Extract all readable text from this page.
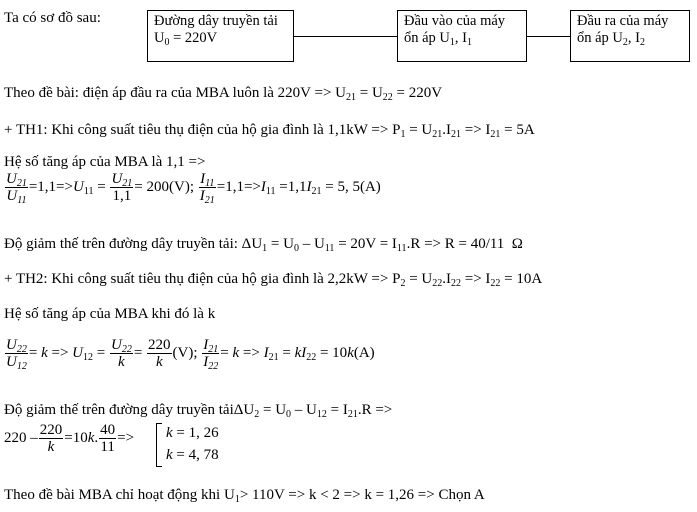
Ta có sơ đồ sau:	Đường dây truyền tải
$U_0 = 220V$
Đầu vào của máy
ổn áp $U_1$, $I_1$
Đầu ra của máy
ổn áp $U_2$, $I_2$
Theo đề bài: điện áp đầu ra của MBA luôn là $220V => U_{21} = U_{22} = 220V$
+ TH1: Khi công suất tiêu thụ điện của hộ gia đình là $1,1kW => P_1 = U_{21}.I_{21} => I_{21} = 5A$
Hệ số tăng áp của MBA là 1,1 =>
$\frac{U_{21}}{U_{11}} =1,1=>U_{11} = \frac{U_{21}}{1,1} = 200(V)$; $\frac{I_{11}}{I_{21}} =1,1=>I_{11} =1,1I_{21} = 5$, 5(A)
Độ giảm thế trên đường dây truyền tải: $\Delta U_1 = U_0 - U_{11} = 20V = I_{11}.R => R = 40/11$  Ω
+ TH2: Khi công suất tiêu thụ điện của hộ gia đình là $2,2kW => P_2 = U_{22}.I_{22} => I_{22} = 10A$
Hệ số tăng áp của MBA khi đó là k
$\frac{U_{22}}{U_{12}} = k => U_{12} = \frac{U_{22}}{k} = \frac{220}{k} (V)$; $\frac{I_{21}}{I_{22}} = k => I_{21} = kI_{22} = 10k(A)$
Độ giảm thế trên đường dây truyền tảiΔU$_2$ = $U_0 - U_{12} = I_{21}.R$ =>
$220 - \frac{220}{k} =10k$. $\frac{40}{11} => k = 1$, 26
k = 4, 78
Theo đề bài MBA chỉ hoạt động khi $U_1> 110V => k < 2 => k = 1,26$ => Chọn A
